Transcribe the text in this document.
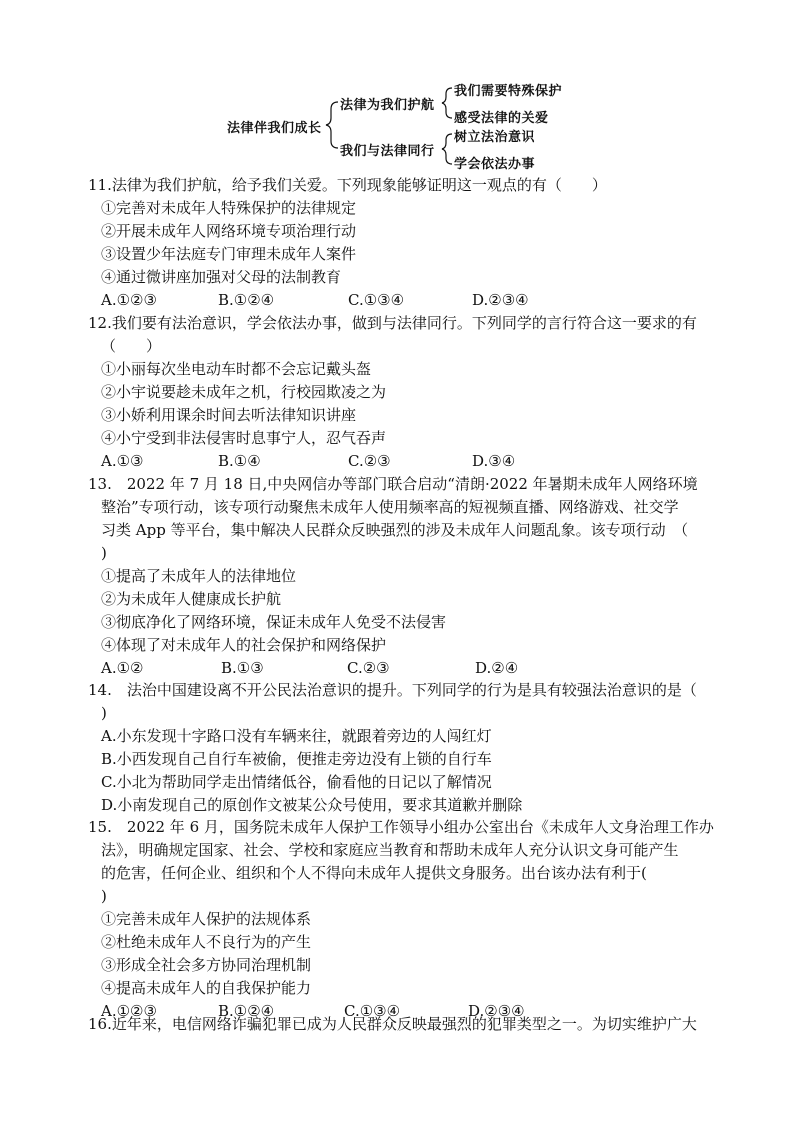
法律伴我们成长
法律为我们护航
我们与法律同行
我们需要特殊保护
感受法律的关爱
树立法治意识
学会依法办事
11.法律为我们护航，给予我们关爱。下列现象能够证明这一观点的有（　　）
①完善对未成年人特殊保护的法律规定
②开展未成年人网络环境专项治理行动
③设置少年法庭专门审理未成年人案件
④通过微讲座加强对父母的法制教育
A.①②③	B.①②④	C.①③④	D.②③④
12.我们要有法治意识，学会依法办事，做到与法律同行。下列同学的言行符合这一要求的有
（　　）
①小丽每次坐电动车时都不会忘记戴头盔
②小宇说要趁未成年之机，行校园欺凌之为
③小娇利用课余时间去听法律知识讲座
④小宁受到非法侵害时息事宁人，忍气吞声
A.①③	B.①④	C.②③	D.③④
13.　2022 年 7 月 18 日,中央网信办等部门联合启动“清朗·2022 年暑期未成年人网络环境
整治”专项行动，该专项行动聚焦未成年人使用频率高的短视频直播、网络游戏、社交学
习类 App 等平台，集中解决人民群众反映强烈的涉及未成年人问题乱象。该专项行动　（
)
①提高了未成年人的法律地位
②为未成年人健康成长护航
③彻底净化了网络环境，保证未成年人免受不法侵害
④体现了对未成年人的社会保护和网络保护
A.①②	B.①③	C.②③	D.②④
14.　法治中国建设离不开公民法治意识的提升。下列同学的行为是具有较强法治意识的是（
)
A.小东发现十字路口没有车辆来往，就跟着旁边的人闯红灯
B.小西发现自己自行车被偷，便推走旁边没有上锁的自行车
C.小北为帮助同学走出情绪低谷，偷看他的日记以了解情况
D.小南发现自己的原创作文被某公众号使用，要求其道歉并删除
15.　2022 年 6 月，国务院未成年人保护工作领导小组办公室出台《未成年人文身治理工作办
法》，明确规定国家、社会、学校和家庭应当教育和帮助未成年人充分认识文身可能产生
的危害，任何企业、组织和个人不得向未成年人提供文身服务。出台该办法有利于(
)
①完善未成年人保护的法规体系
②杜绝未成年人不良行为的产生
③形成全社会多方协同治理机制
④提高未成年人的自我保护能力
A.①②③	B.①②④	C.①③④	D.②③④
16.近年来，电信网络诈骗犯罪已成为人民群众反映最强烈的犯罪类型之一。为切实维护广大
